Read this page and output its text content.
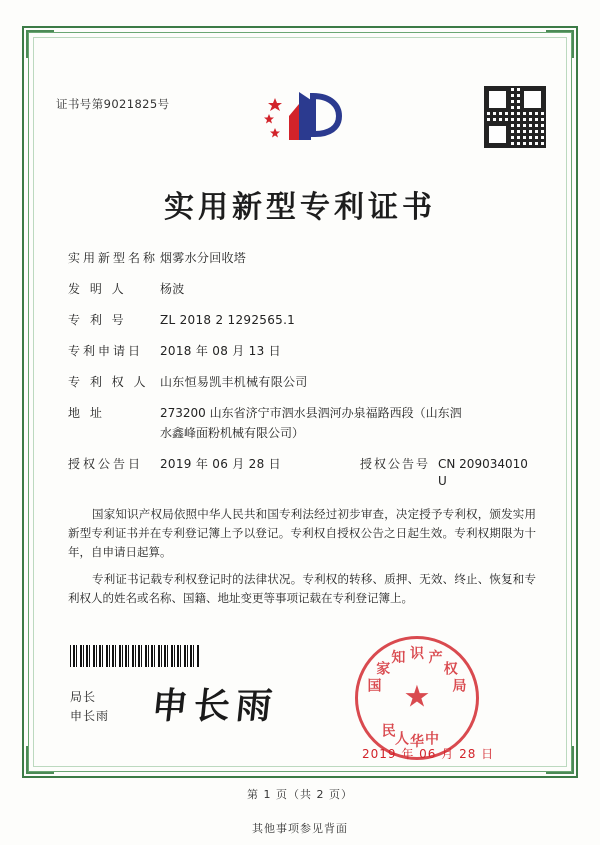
证书号第9021825号
实用新型专利证书
实用新型名称 烟雾水分回收塔
发 明 人	杨波
专 利 号	ZL 2018 2 1292565.1
专利申请日	2018 年 08 月 13 日
专 利 权 人 山东恒易凯丰机械有限公司
地 址	273200 山东省济宁市泗水县泗河办泉福路西段（山东泗
水鑫峰面粉机械有限公司）
授权公告日	2019 年 06 月 28 日	授权公告号 CN 209034010 U

国家知识产权局依照中华人民共和国专利法经过初步审查，决定授予专利权，颁发实用新型专利证书并在专利登记簿上予以登记。专利权自授权公告之日起生效。专利权期限为十年，自申请日起算。

专利证书记载专利权登记时的法律状况。专利权的转移、质押、无效、终止、恢复和专利权人的姓名或名称、国籍、地址变更等事项记载在专利登记簿上。

局长
申长雨 申长雨	★
国
家
知 识 产
权
局
中
华
人
民
2019 年 06 月 28 日
第 1 页（共 2 页）
其他事项参见背面
